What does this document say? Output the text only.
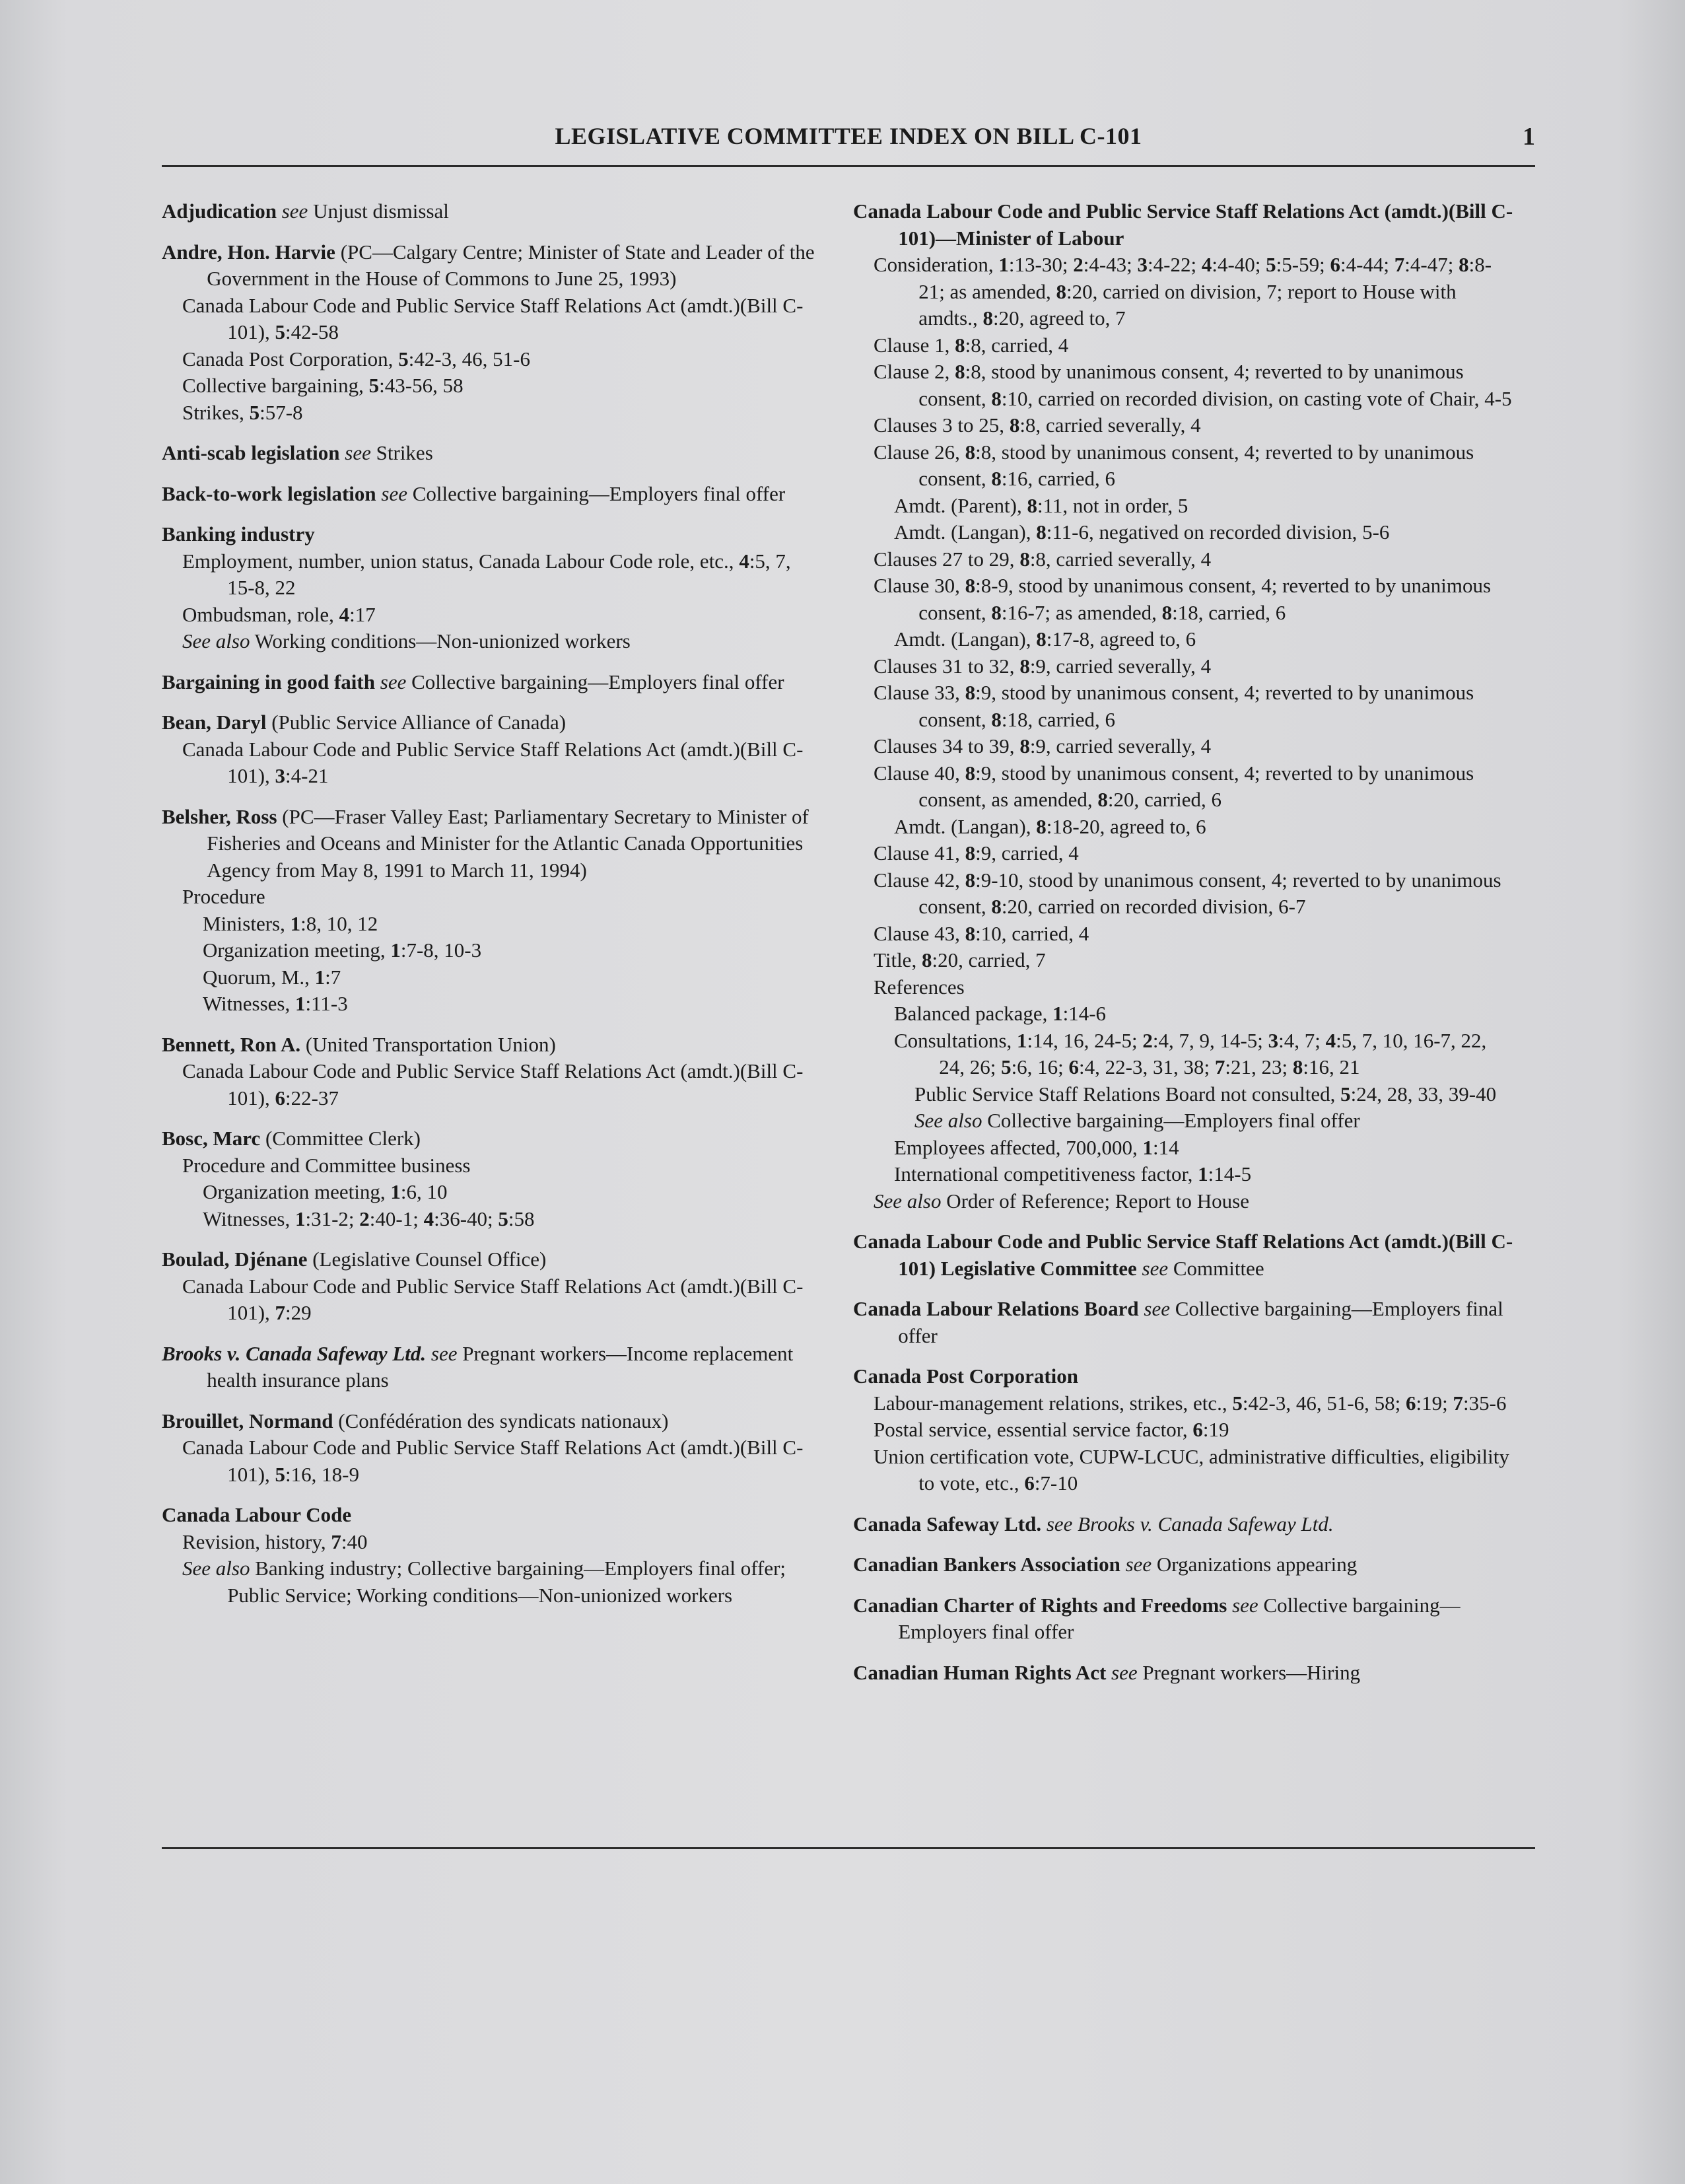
LEGISLATIVE COMMITTEE INDEX ON BILL C-101	1

Adjudication see Unjust dismissal

Andre, Hon. Harvie (PC—Calgary Centre; Minister of State and Leader of the Government in the House of Commons to June 25, 1993)

Canada Labour Code and Public Service Staff Relations Act (amdt.)(Bill C-101), 5:42-58

Canada Post Corporation, 5:42-3, 46, 51-6

Collective bargaining, 5:43-56, 58

Strikes, 5:57-8

Anti-scab legislation see Strikes

Back-to-work legislation see Collective bargaining—Employers final offer

Banking industry

Employment, number, union status, Canada Labour Code role, etc., 4:5, 7, 15-8, 22

Ombudsman, role, 4:17

See also Working conditions—Non-unionized workers

Bargaining in good faith see Collective bargaining—Employers final offer

Bean, Daryl (Public Service Alliance of Canada)

Canada Labour Code and Public Service Staff Relations Act (amdt.)(Bill C-101), 3:4-21

Belsher, Ross (PC—Fraser Valley East; Parliamentary Secretary to Minister of Fisheries and Oceans and Minister for the Atlantic Canada Opportunities Agency from May 8, 1991 to March 11, 1994)

Procedure

Ministers, 1:8, 10, 12

Organization meeting, 1:7-8, 10-3

Quorum, M., 1:7

Witnesses, 1:11-3

Bennett, Ron A. (United Transportation Union)

Canada Labour Code and Public Service Staff Relations Act (amdt.)(Bill C-101), 6:22-37

Bosc, Marc (Committee Clerk)

Procedure and Committee business

Organization meeting, 1:6, 10

Witnesses, 1:31-2; 2:40-1; 4:36-40; 5:58

Boulad, Djénane (Legislative Counsel Office)

Canada Labour Code and Public Service Staff Relations Act (amdt.)(Bill C-101), 7:29

Brooks v. Canada Safeway Ltd. see Pregnant workers—Income replacement health insurance plans

Brouillet, Normand (Confédération des syndicats nationaux)

Canada Labour Code and Public Service Staff Relations Act (amdt.)(Bill C-101), 5:16, 18-9

Canada Labour Code

Revision, history, 7:40

See also Banking industry; Collective bargaining—Employers final offer; Public Service; Working conditions—Non-unionized workers

Canada Labour Code and Public Service Staff Relations Act (amdt.)(Bill C-101)—Minister of Labour

Consideration, 1:13-30; 2:4-43; 3:4-22; 4:4-40; 5:5-59; 6:4-44; 7:4-47; 8:8-21; as amended, 8:20, carried on division, 7; report to House with amdts., 8:20, agreed to, 7

Clause 1, 8:8, carried, 4

Clause 2, 8:8, stood by unanimous consent, 4; reverted to by unanimous consent, 8:10, carried on recorded division, on casting vote of Chair, 4-5

Clauses 3 to 25, 8:8, carried severally, 4

Clause 26, 8:8, stood by unanimous consent, 4; reverted to by unanimous consent, 8:16, carried, 6

Amdt. (Parent), 8:11, not in order, 5

Amdt. (Langan), 8:11-6, negatived on recorded division, 5-6

Clauses 27 to 29, 8:8, carried severally, 4

Clause 30, 8:8-9, stood by unanimous consent, 4; reverted to by unanimous consent, 8:16-7; as amended, 8:18, carried, 6

Amdt. (Langan), 8:17-8, agreed to, 6

Clauses 31 to 32, 8:9, carried severally, 4

Clause 33, 8:9, stood by unanimous consent, 4; reverted to by unanimous consent, 8:18, carried, 6

Clauses 34 to 39, 8:9, carried severally, 4

Clause 40, 8:9, stood by unanimous consent, 4; reverted to by unanimous consent, as amended, 8:20, carried, 6

Amdt. (Langan), 8:18-20, agreed to, 6

Clause 41, 8:9, carried, 4

Clause 42, 8:9-10, stood by unanimous consent, 4; reverted to by unanimous consent, 8:20, carried on recorded division, 6-7

Clause 43, 8:10, carried, 4

Title, 8:20, carried, 7

References

Balanced package, 1:14-6

Consultations, 1:14, 16, 24-5; 2:4, 7, 9, 14-5; 3:4, 7; 4:5, 7, 10, 16-7, 22, 24, 26; 5:6, 16; 6:4, 22-3, 31, 38; 7:21, 23; 8:16, 21

Public Service Staff Relations Board not consulted, 5:24, 28, 33, 39-40

See also Collective bargaining—Employers final offer

Employees affected, 700,000, 1:14

International competitiveness factor, 1:14-5

See also Order of Reference; Report to House

Canada Labour Code and Public Service Staff Relations Act (amdt.)(Bill C-101) Legislative Committee see Committee

Canada Labour Relations Board see Collective bargaining—Employers final offer

Canada Post Corporation

Labour-management relations, strikes, etc., 5:42-3, 46, 51-6, 58; 6:19; 7:35-6

Postal service, essential service factor, 6:19

Union certification vote, CUPW-LCUC, administrative difficulties, eligibility to vote, etc., 6:7-10

Canada Safeway Ltd. see Brooks v. Canada Safeway Ltd.

Canadian Bankers Association see Organizations appearing

Canadian Charter of Rights and Freedoms see Collective bargaining—Employers final offer

Canadian Human Rights Act see Pregnant workers—Hiring
